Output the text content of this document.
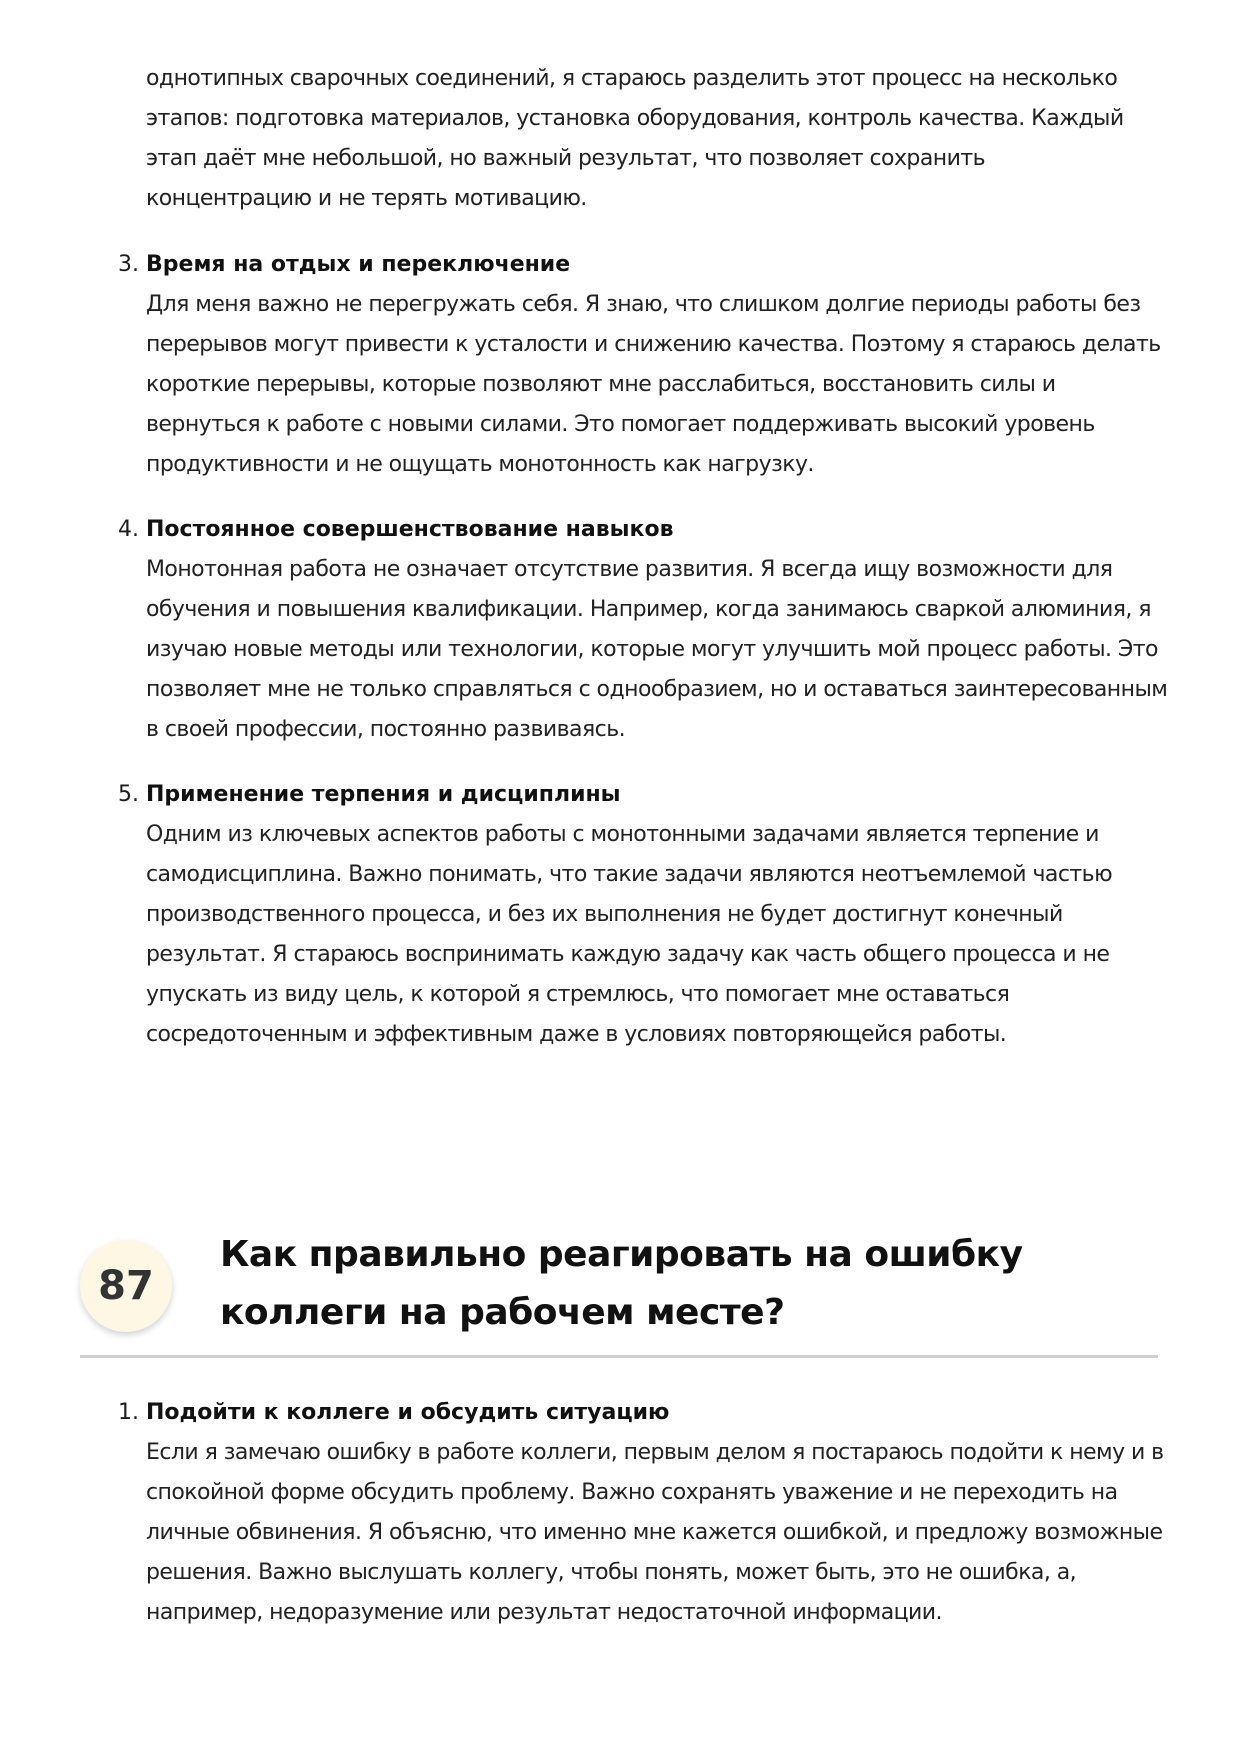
однотипных сварочных соединений, я стараюсь разделить этот процесс на несколько этапов: подготовка материалов, установка оборудования, контроль качества. Каждый этап даёт мне небольшой, но важный результат, что позволяет сохранить концентрацию и не терять мотивацию.
3. Время на отдых и переключение
Для меня важно не перегружать себя. Я знаю, что слишком долгие периоды работы без перерывов могут привести к усталости и снижению качества. Поэтому я стараюсь делать короткие перерывы, которые позволяют мне расслабиться, восстановить силы и вернуться к работе с новыми силами. Это помогает поддерживать высокий уровень продуктивности и не ощущать монотонность как нагрузку.
4. Постоянное совершенствование навыков
Монотонная работа не означает отсутствие развития. Я всегда ищу возможности для обучения и повышения квалификации. Например, когда занимаюсь сваркой алюминия, я изучаю новые методы или технологии, которые могут улучшить мой процесс работы. Это позволяет мне не только справляться с однообразием, но и оставаться заинтересованным в своей профессии, постоянно развиваясь.
5. Применение терпения и дисциплины
Одним из ключевых аспектов работы с монотонными задачами является терпение и самодисциплина. Важно понимать, что такие задачи являются неотъемлемой частью производственного процесса, и без их выполнения не будет достигнут конечный результат. Я стараюсь воспринимать каждую задачу как часть общего процесса и не упускать из виду цель, к которой я стремлюсь, что помогает мне оставаться сосредоточенным и эффективным даже в условиях повторяющейся работы.
87
Как правильно реагировать на ошибку коллеги на рабочем месте?
1. Подойти к коллеге и обсудить ситуацию
Если я замечаю ошибку в работе коллеги, первым делом я постараюсь подойти к нему и в спокойной форме обсудить проблему. Важно сохранять уважение и не переходить на личные обвинения. Я объясню, что именно мне кажется ошибкой, и предложу возможные решения. Важно выслушать коллегу, чтобы понять, может быть, это не ошибка, а, например, недоразумение или результат недостаточной информации.
